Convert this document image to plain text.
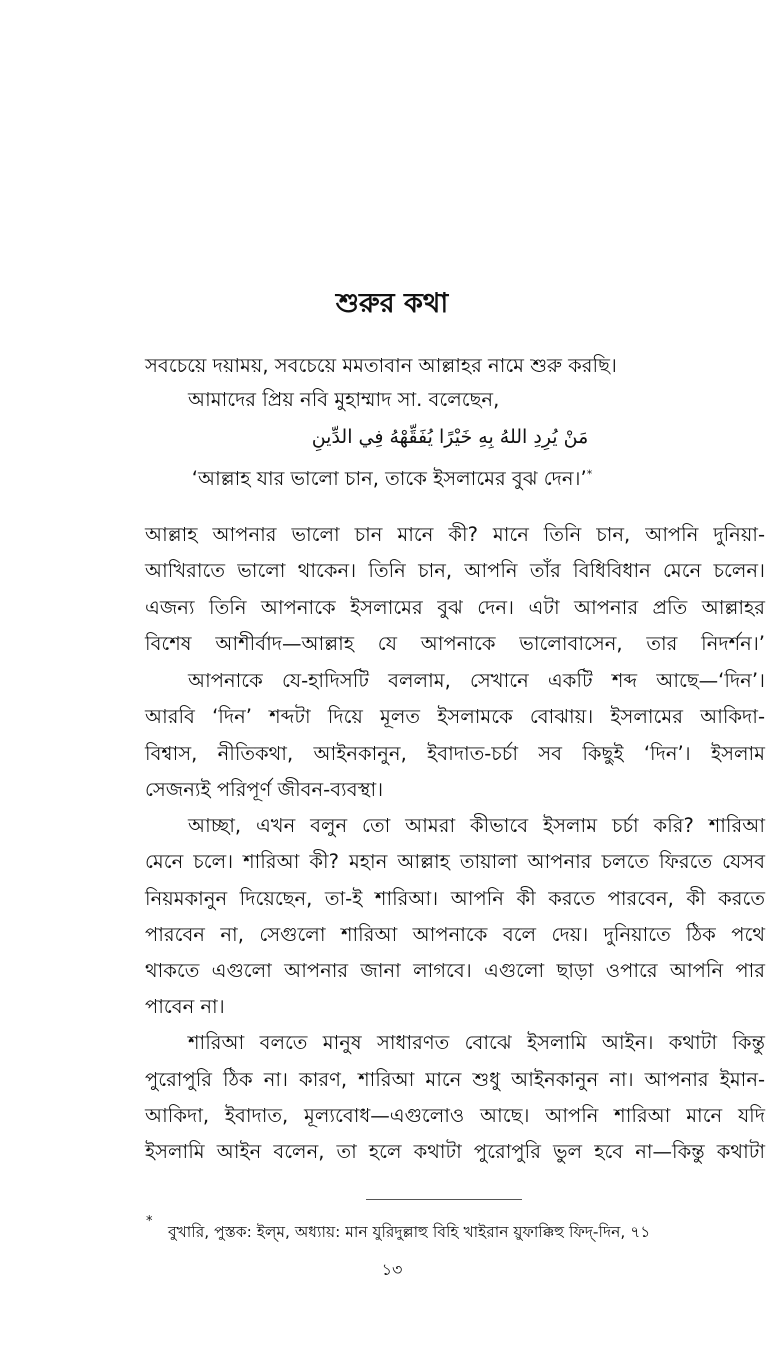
শুরুর কথা

সবচেয়ে দয়াময়, সবচেয়ে মমতাবান আল্লাহর নামে শুরু করছি।

আমাদের প্রিয় নবি মুহাম্মাদ সা. বলেছেন,

مَنْ يُرِدِ اللهُ بِهِ خَيْرًا يُفَقِّهْهُ فِي الدِّينِ

‘আল্লাহ যার ভালো চান, তাকে ইসলামের বুঝ দেন।’*

আল্লাহ আপনার ভালো চান মানে কী? মানে তিনি চান, আপনি দুনিয়া-

আখিরাতে ভালো থাকেন। তিনি চান, আপনি তাঁর বিধিবিধান মেনে চলেন।

এজন্য তিনি আপনাকে ইসলামের বুঝ দেন। এটা আপনার প্রতি আল্লাহর

বিশেষ আশীর্বাদ—আল্লাহ যে আপনাকে ভালোবাসেন, তার নিদর্শন।’

আপনাকে যে-হাদিসটি বললাম, সেখানে একটি শব্দ আছে—‘দিন’।

আরবি ‘দিন’ শব্দটা দিয়ে মূলত ইসলামকে বোঝায়। ইসলামের আকিদা-

বিশ্বাস, নীতিকথা, আইনকানুন, ইবাদাত-চর্চা সব কিছুই ‘দিন’। ইসলাম

সেজন্যই পরিপূর্ণ জীবন-ব্যবস্থা।

আচ্ছা, এখন বলুন তো আমরা কীভাবে ইসলাম চর্চা করি? শারিআ

মেনে চলে। শারিআ কী? মহান আল্লাহ তায়ালা আপনার চলতে ফিরতে যেসব

নিয়মকানুন দিয়েছেন, তা-ই শারিআ। আপনি কী করতে পারবেন, কী করতে

পারবেন না, সেগুলো শারিআ আপনাকে বলে দেয়। দুনিয়াতে ঠিক পথে

থাকতে এগুলো আপনার জানা লাগবে। এগুলো ছাড়া ওপারে আপনি পার

পাবেন না।

শারিআ বলতে মানুষ সাধারণত বোঝে ইসলামি আইন। কথাটা কিন্তু

পুরোপুরি ঠিক না। কারণ, শারিআ মানে শুধু আইনকানুন না। আপনার ইমান-

আকিদা, ইবাদাত, মূল্যবোধ—এগুলোও আছে। আপনি শারিআ মানে যদি

ইসলামি আইন বলেন, তা হলে কথাটা পুরোপুরি ভুল হবে না—কিন্তু কথাটা

*

বুখারি, পুস্তক: ইল্‌ম, অধ্যায়: মান যুরিদুল্লাহু বিহি খাইরান য়ুফাক্কিহু ফিদ্-দিন, ৭১

১৩
